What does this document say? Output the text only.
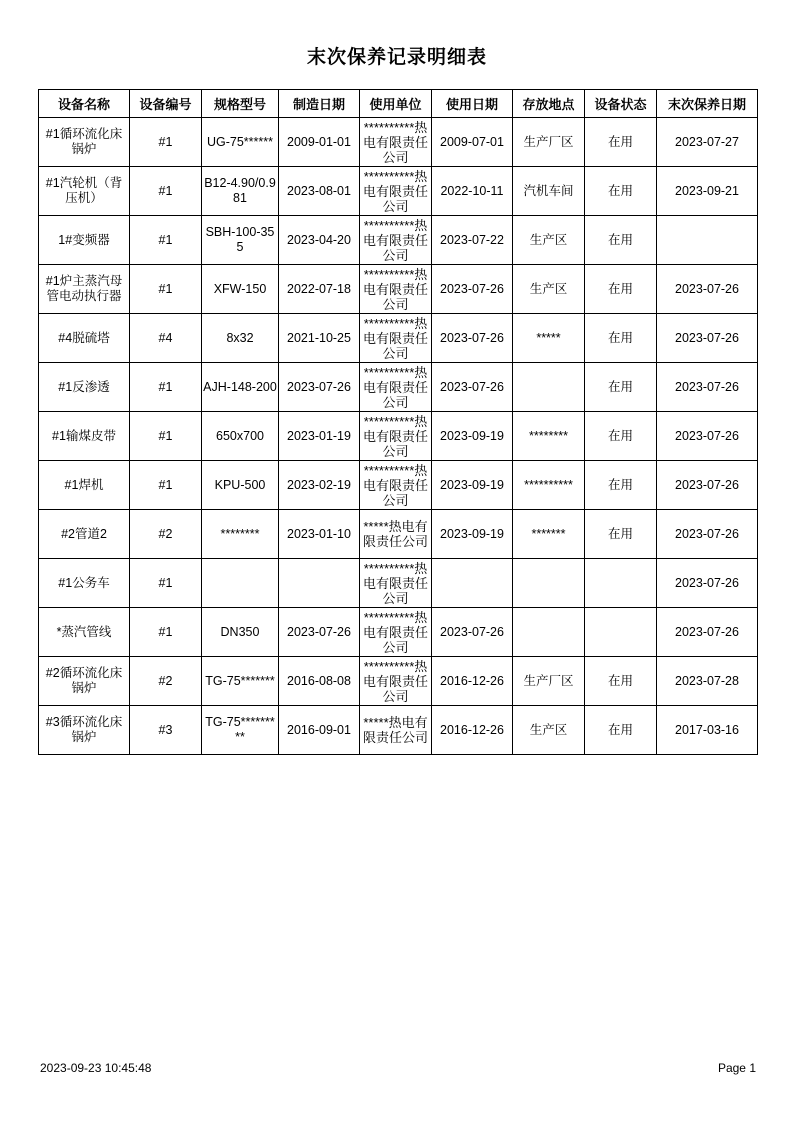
末次保养记录明细表
设备名称	设备编号	规格型号	制造日期	使用单位	使用日期	存放地点	设备状态	末次保养日期
#1循环流化床锅炉	#1	UG-75******	2009-01-01	**********热电有限责任公司	2009-07-01	生产厂区	在用	2023-07-27
#1汽轮机（背压机）	#1	B12-4.90/0.981	2023-08-01	**********热电有限责任公司	2022-10-11	汽机车间	在用	2023-09-21
1#变频器	#1	SBH-100-355	2023-04-20	**********热电有限责任公司	2023-07-22	生产区	在用	
#1炉主蒸汽母管电动执行器	#1	XFW-150	2022-07-18	**********热电有限责任公司	2023-07-26	生产区	在用	2023-07-26
#4脱硫塔	#4	8x32	2021-10-25	**********热电有限责任公司	2023-07-26	*****	在用	2023-07-26
#1反渗透	#1	AJH-148-200	2023-07-26	**********热电有限责任公司	2023-07-26		在用	2023-07-26
#1输煤皮带	#1	650x700	2023-01-19	**********热电有限责任公司	2023-09-19	********	在用	2023-07-26
#1焊机	#1	KPU-500	2023-02-19	**********热电有限责任公司	2023-09-19	**********	在用	2023-07-26
#2管道2	#2	********	2023-01-10	*****热电有限责任公司	2023-09-19	*******	在用	2023-07-26
#1公务车	#1			**********热电有限责任公司				2023-07-26
*蒸汽管线	#1	DN350	2023-07-26	**********热电有限责任公司	2023-07-26			2023-07-26
#2循环流化床锅炉	#2	TG-75*******	2016-08-08	**********热电有限责任公司	2016-12-26	生产厂区	在用	2023-07-28
#3循环流化床锅炉	#3	TG-75*********	2016-09-01	*****热电有限责任公司	2016-12-26	生产区	在用	2017-03-16
2023-09-23 10:45:48	Page 1
